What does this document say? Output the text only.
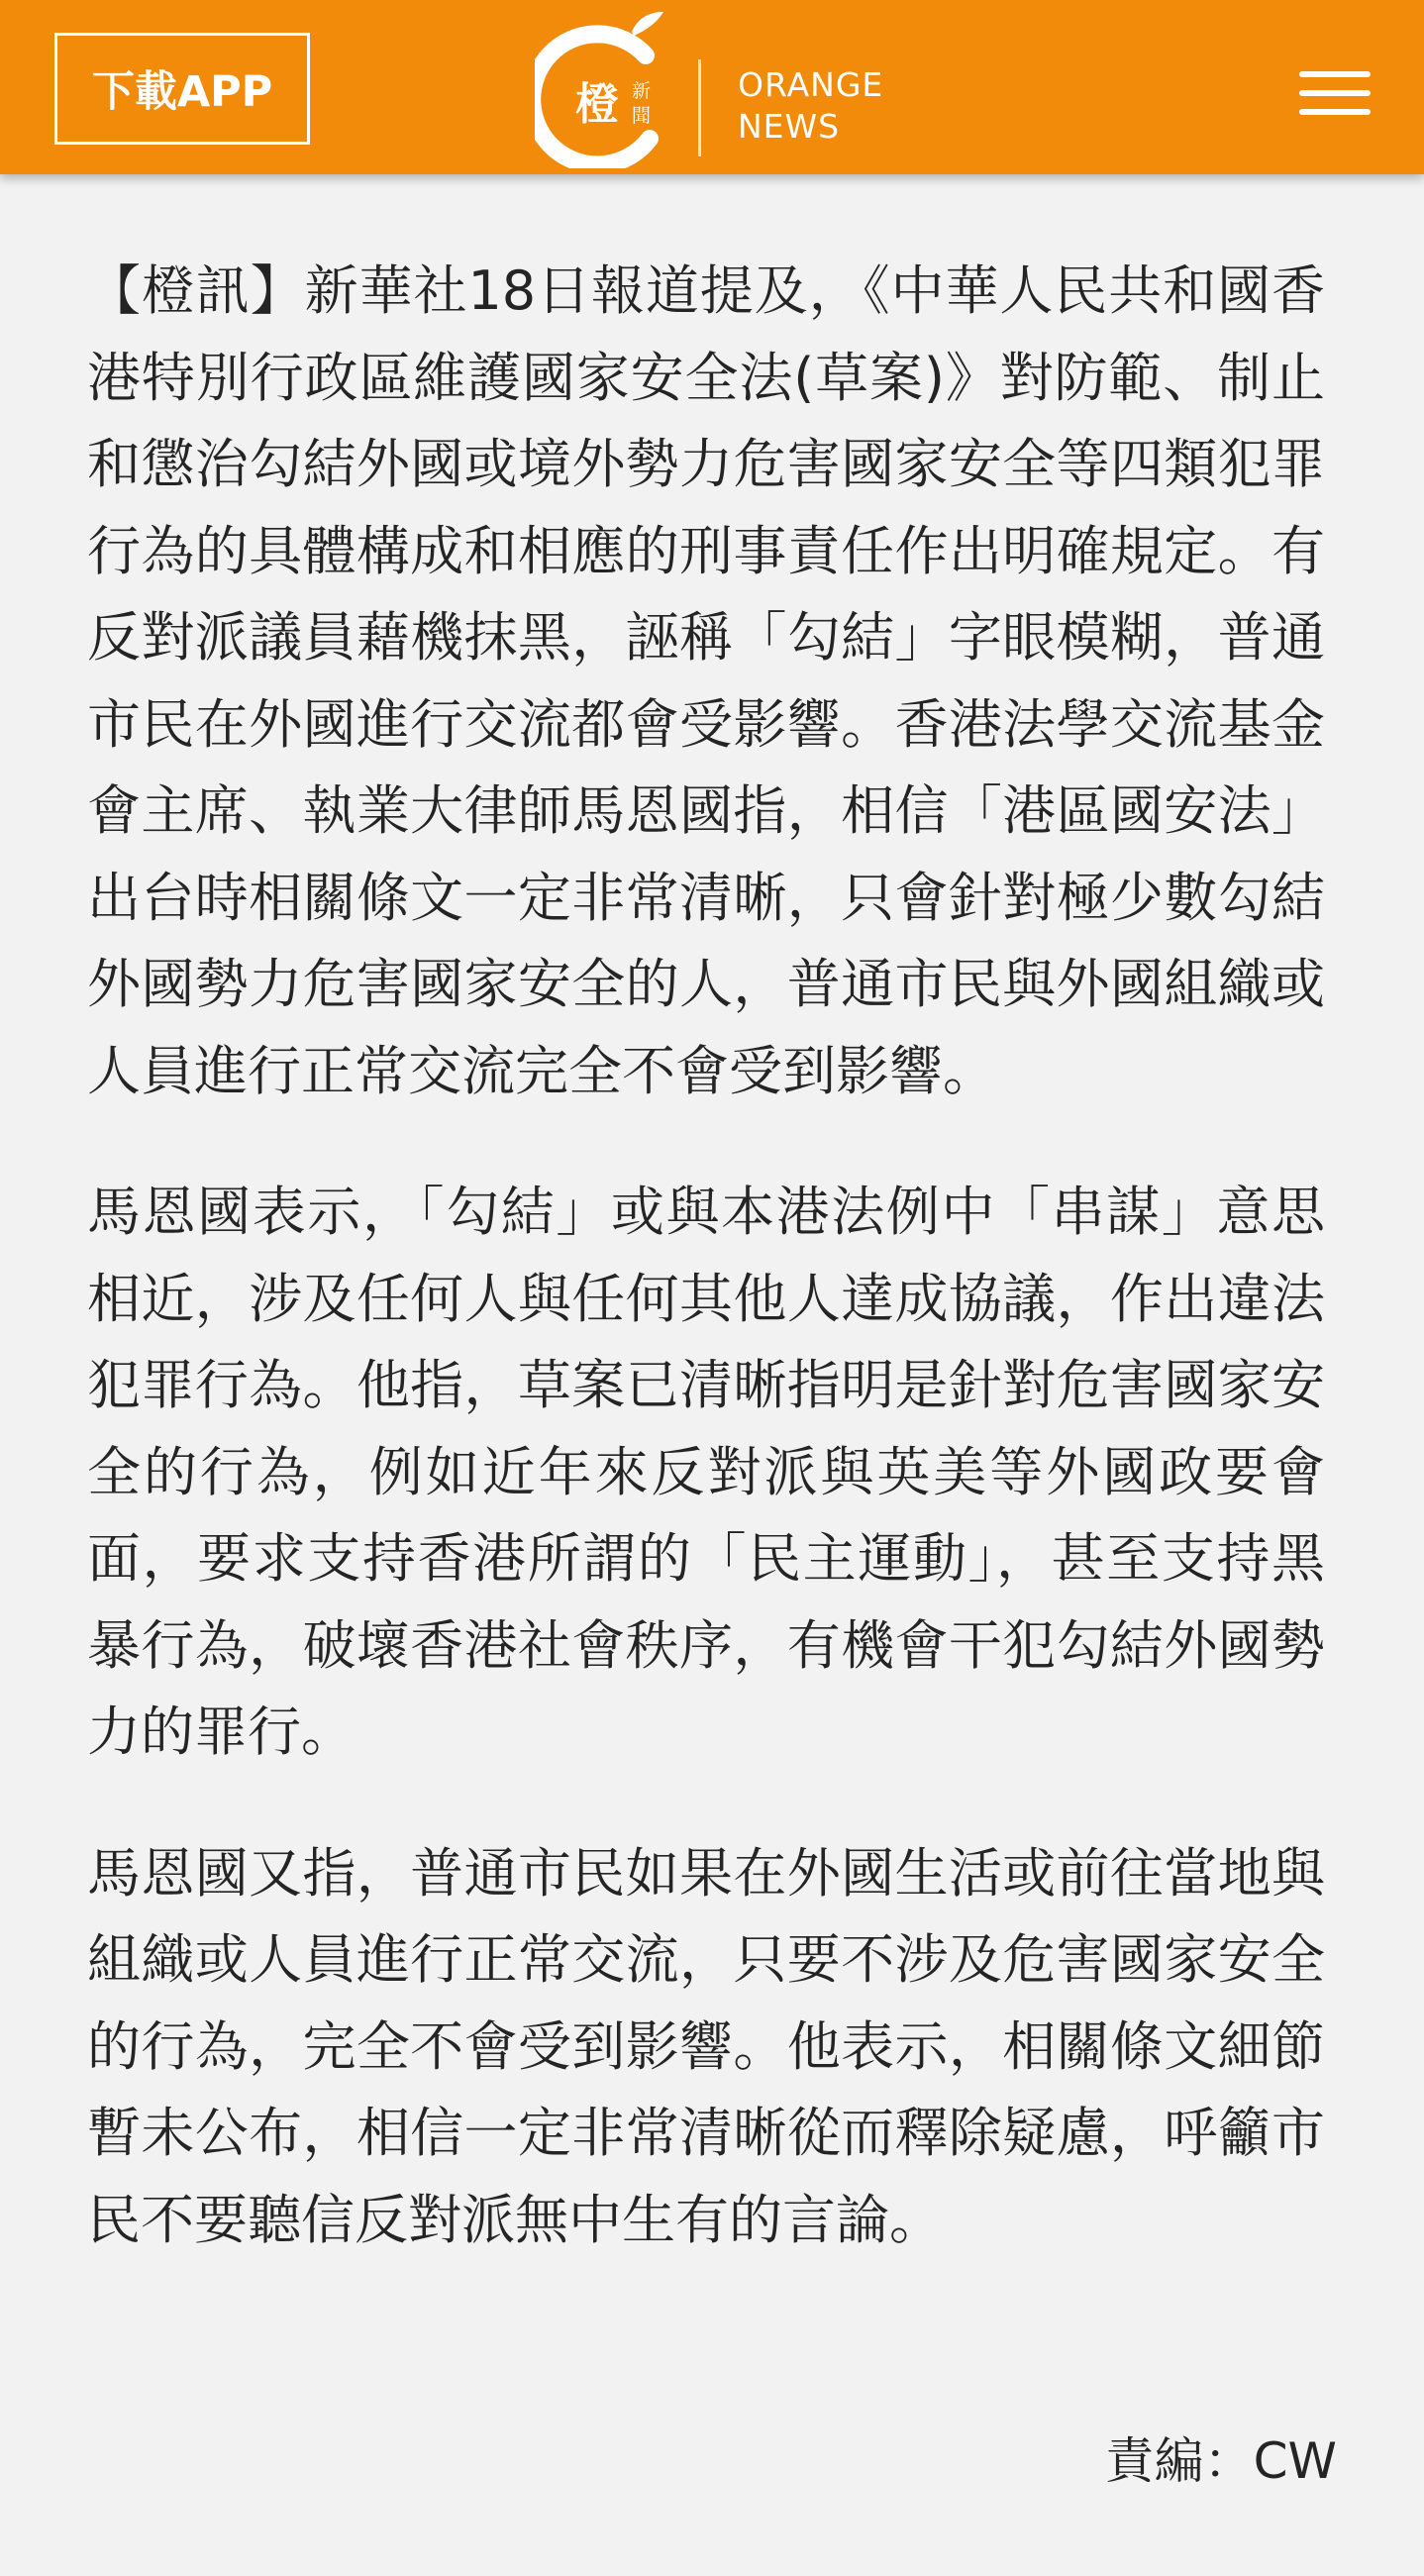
下載APP	橙 新
聞
ORANGE
NEWS

【橙訊】新華社18日報道提及，《中華人民共和國香港特別行政區維護國家安全法(草案)》對防範、制止和懲治勾結外國或境外勢力危害國家安全等四類犯罪行為的具體構成和相應的刑事責任作出明確規定。有反對派議員藉機抹黑，誣稱「勾結」字眼模糊，普通市民在外國進行交流都會受影響。香港法學交流基金會主席、執業大律師馬恩國指，相信「港區國安法」出台時相關條文一定非常清晰，只會針對極少數勾結外國勢力危害國家安全的人，普通市民與外國組織或人員進行正常交流完全不會受到影響。

馬恩國表示，「勾結」或與本港法例中「串謀」意思相近，涉及任何人與任何其他人達成協議，作出違法犯罪行為。他指，草案已清晰指明是針對危害國家安全的行為，例如近年來反對派與英美等外國政要會面，要求支持香港所謂的「民主運動」，甚至支持黑暴行為，破壞香港社會秩序，有機會干犯勾結外國勢力的罪行。

馬恩國又指，普通市民如果在外國生活或前往當地與組織或人員進行正常交流，只要不涉及危害國家安全的行為，完全不會受到影響。他表示，相關條文細節暫未公布，相信一定非常清晰從而釋除疑慮，呼籲市民不要聽信反對派無中生有的言論。

責編：CW
